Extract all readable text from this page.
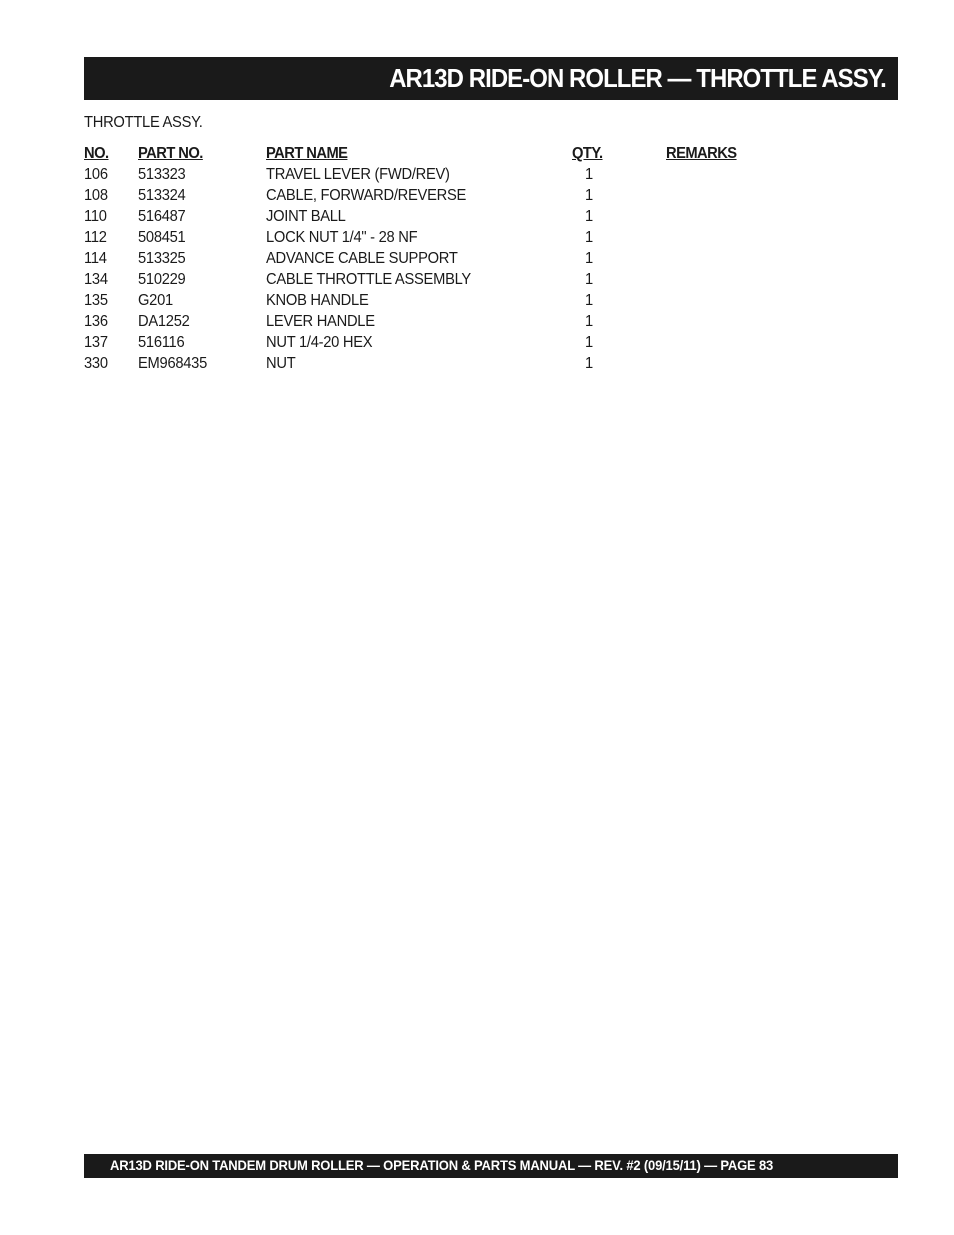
AR13D RIDE-ON ROLLER — THROTTLE ASSY.
THROTTLE ASSY.
NO. PART NO.	PART NAME	QTY.	REMARKS
106 513323	TRAVEL LEVER (FWD/REV)	1
108 513324	CABLE, FORWARD/REVERSE	1
110 516487	JOINT BALL	1
112 508451	LOCK NUT 1/4" - 28 NF	1
114 513325	ADVANCE CABLE SUPPORT	1
134 510229	CABLE THROTTLE ASSEMBLY	1
135 G201	KNOB HANDLE	1
136 DA1252	LEVER HANDLE	1
137 516116	NUT 1/4-20 HEX	1
330 EM968435	NUT	1
AR13D RIDE-ON TANDEM DRUM ROLLER — OPERATION & PARTS MANUAL — REV. #2 (09/15/11) — PAGE 83
